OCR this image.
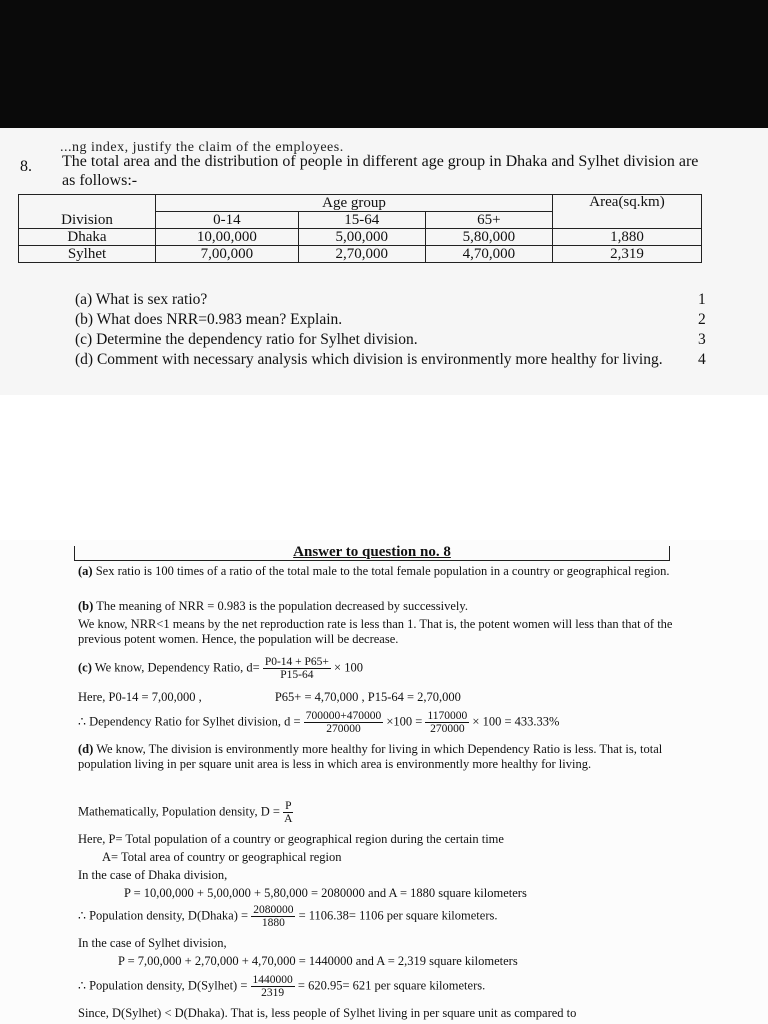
...ng index, justify the claim of the employees.
8. The total area and the distribution of people in different age group in Dhaka and Sylhet division are as follows:-
Division	Age group			Area(sq.km)
	0-14	15-64	65+	
Dhaka	10,00,000	5,00,000	5,80,000	1,880
Sylhet	7,00,000	2,70,000	4,70,000	2,319
(a) What is sex ratio?	1
(b) What does NRR=0.983 mean? Explain.	2
(c) Determine the dependency ratio for Sylhet division.	3
(d) Comment with necessary analysis which division is environmently more healthy for living. 4
Answer to question no. 8
(a) Sex ratio is 100 times of a ratio of the total male to the total female population in a country or geographical region.
(b) The meaning of NRR = 0.983 is the population decreased by successively.
We know, NRR<1 means by the net reproduction rate is less than 1. That is, the potent women will less than that of the previous potent women. Hence, the population will be decrease.
(c) We know, Dependency Ratio, $d= \frac{P0-14 + P65+}{P15-64} \times 100$
Here, P0-14 = 7,00,000 ,	P65+ = 4,70,000 , P15-64 = 2,70,000
∴ Dependency Ratio for Sylhet division, $d = \frac{700000+470000}{270000} \times 100 = \frac{1170000}{270000} \times 100 = 433.33\%$
(d) We know, The division is environmently more healthy for living in which Dependency Ratio is less. That is, total population living in per square unit area is less in which area is environmently more healthy for living.
Mathematically, Population density, $D = \frac{P}{A}$
Here, P= Total population of a country or geographical region during the certain time
A= Total area of country or geographical region
In the case of Dhaka division,
P = 10,00,000 + 5,00,000 + 5,80,000 = 2080000 and A = 1880 square kilometers
∴ Population density, D(Dhaka) = $\frac{2080000}{1880} = 1106.38= 1106$ per square kilometers.
In the case of Sylhet division,
P = 7,00,000 + 2,70,000 + 4,70,000 = 1440000 and A = 2,319 square kilometers
∴ Population density, D(Sylhet) = $\frac{1440000}{2319} = 620.95= 621$ per square kilometers.
Since, D(Sylhet) < D(Dhaka). That is, less people of Sylhet living in per square unit as compared to
